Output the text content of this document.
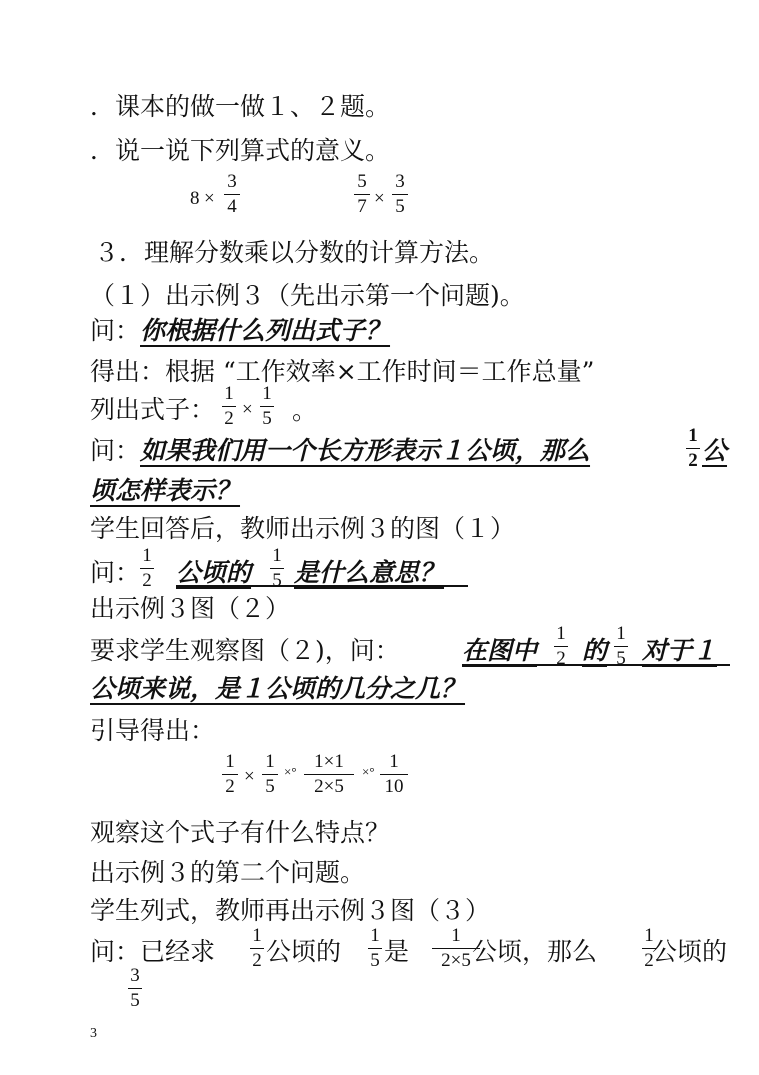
．课本的做一做１、２题。
．说一说下列算式的意义。
8 ×
3
4
5
7 ×
3
5
３．理解分数乘以分数的计算方法。
（１）出示例３（先出示第一个问题)。
问：你根据什么列出式子？
得出：根据 “工作效率×工作时间＝工作总量”
列出式子：
1
2 ×
1
5 。
问：如果我们用一个长方形表示１公顷，那么
1
2 公
顷怎样表示？
学生回答后，教师出示例３的图（１）
问：
1
2 公顷的
1
5 是什么意思？
出示例３图（２）
要求学生观察图（２)，问： 在图中
1
2 的
1
5 对于１
公顷来说，是１公顷的几分之几？
引导得出：
1
2 ×
1
5
×° 1×1
2×5
×° 1
10
观察这个式子有什么特点？
出示例３的第二个问题。
学生列式，教师再出示例３图（３）
问：已经求
1
2 公顷的
1
5 是
1
2×5 公顷，那么
1
2
公顷的
3
5
3
